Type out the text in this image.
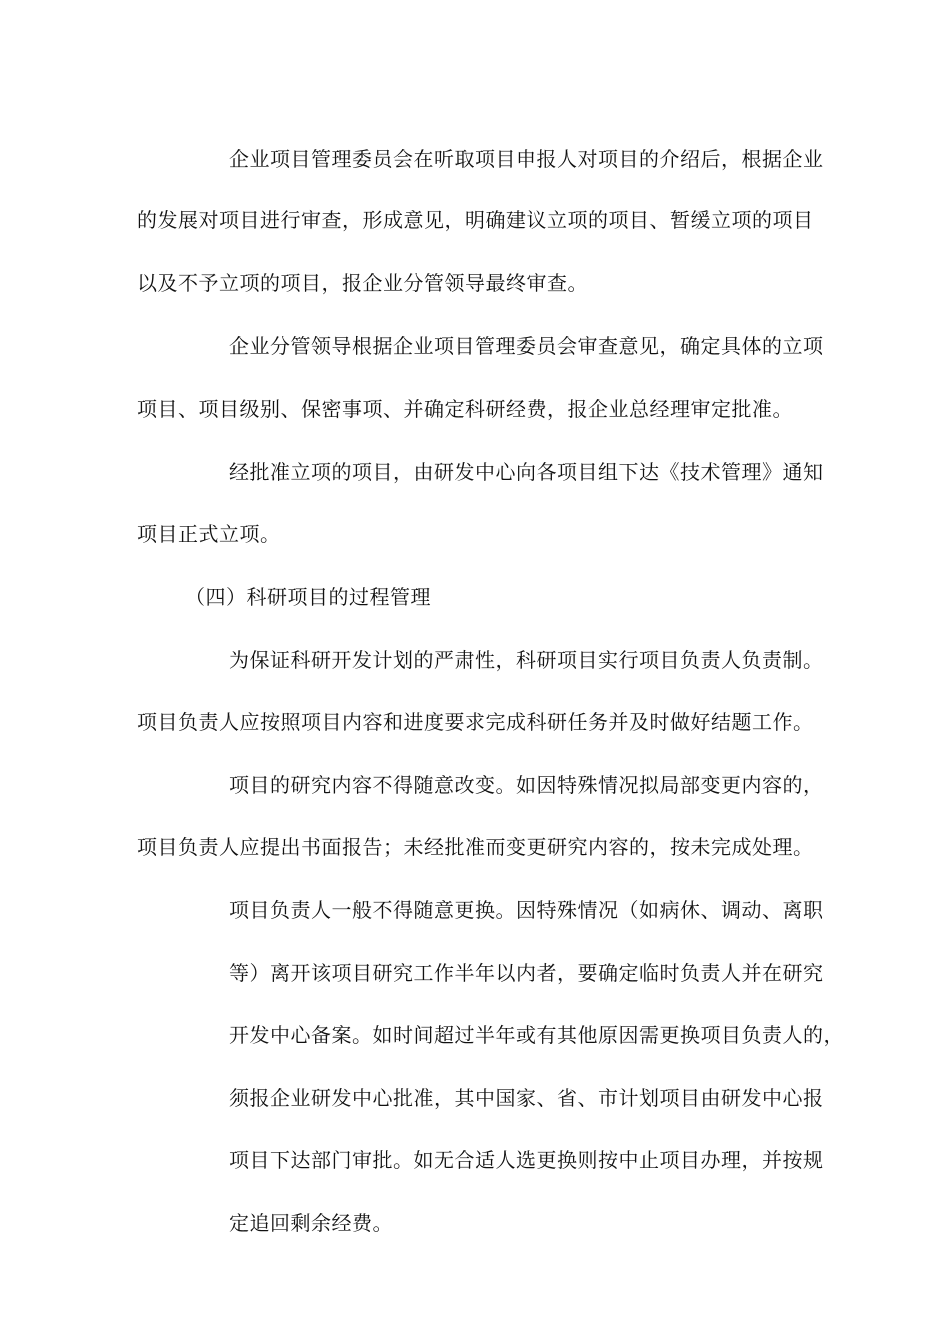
企业项目管理委员会在听取项目申报人对项目的介绍后，根据企业
的发展对项目进行审查，形成意见，明确建议立项的项目、暂缓立项的项目
以及不予立项的项目，报企业分管领导最终审查。
企业分管领导根据企业项目管理委员会审查意见，确定具体的立项
项目、项目级别、保密事项、并确定科研经费，报企业总经理审定批准。
经批准立项的项目，由研发中心向各项目组下达《技术管理》通知
项目正式立项。
（四）科研项目的过程管理
为保证科研开发计划的严肃性，科研项目实行项目负责人负责制。
项目负责人应按照项目内容和进度要求完成科研任务并及时做好结题工作。
项目的研究内容不得随意改变。如因特殊情况拟局部变更内容的，
项目负责人应提出书面报告；未经批准而变更研究内容的，按未完成处理。
项目负责人一般不得随意更换。因特殊情况（如病休、调动、离职
等）离开该项目研究工作半年以内者，要确定临时负责人并在研究
开发中心备案。如时间超过半年或有其他原因需更换项目负责人的，
须报企业研发中心批准，其中国家、省、市计划项目由研发中心报
项目下达部门审批。如无合适人选更换则按中止项目办理，并按规
定追回剩余经费。
